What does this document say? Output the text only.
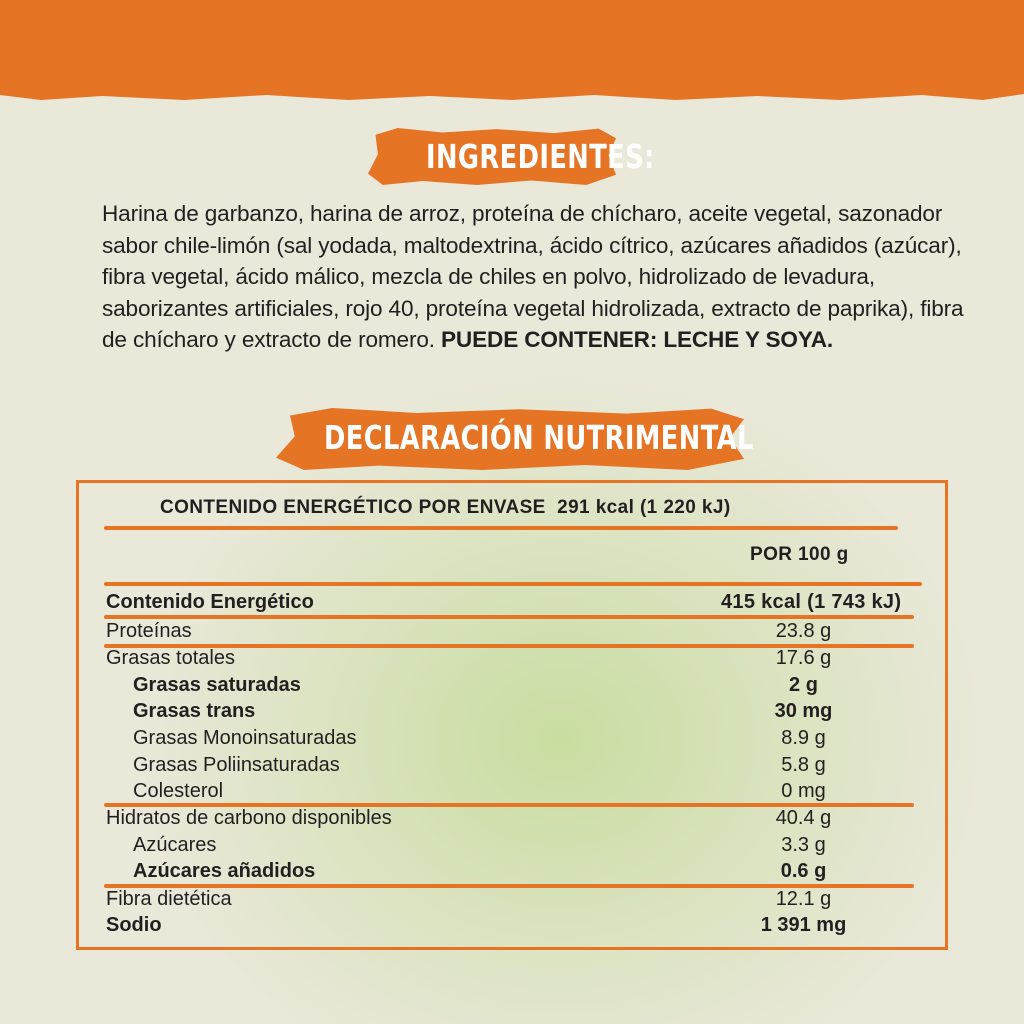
INGREDIENTES:
Harina de garbanzo, harina de arroz, proteína de chícharo, aceite vegetal, sazonador sabor chile-limón (sal yodada, maltodextrina, ácido cítrico, azúcares añadidos (azúcar), fibra vegetal, ácido málico, mezcla de chiles en polvo, hidrolizado de levadura, saborizantes artificiales, rojo 40, proteína vegetal hidrolizada, extracto de paprika), fibra de chícharo y extracto de romero. PUEDE CONTENER: LECHE Y SOYA.
DECLARACIÓN NUTRIMENTAL
CONTENIDO ENERGÉTICO POR ENVASE  291 kcal (1 220 kJ)
POR 100 g
Contenido Energético	415 kcal (1 743 kJ)
Proteínas	23.8 g
Grasas totales	17.6 g
Grasas saturadas	2 g
Grasas trans	30 mg
Grasas Monoinsaturadas	8.9 g
Grasas Poliinsaturadas	5.8 g
Colesterol	0 mg
Hidratos de carbono disponibles	40.4 g
Azúcares	3.3 g
Azúcares añadidos	0.6 g
Fibra dietética	12.1 g
Sodio	1 391 mg
